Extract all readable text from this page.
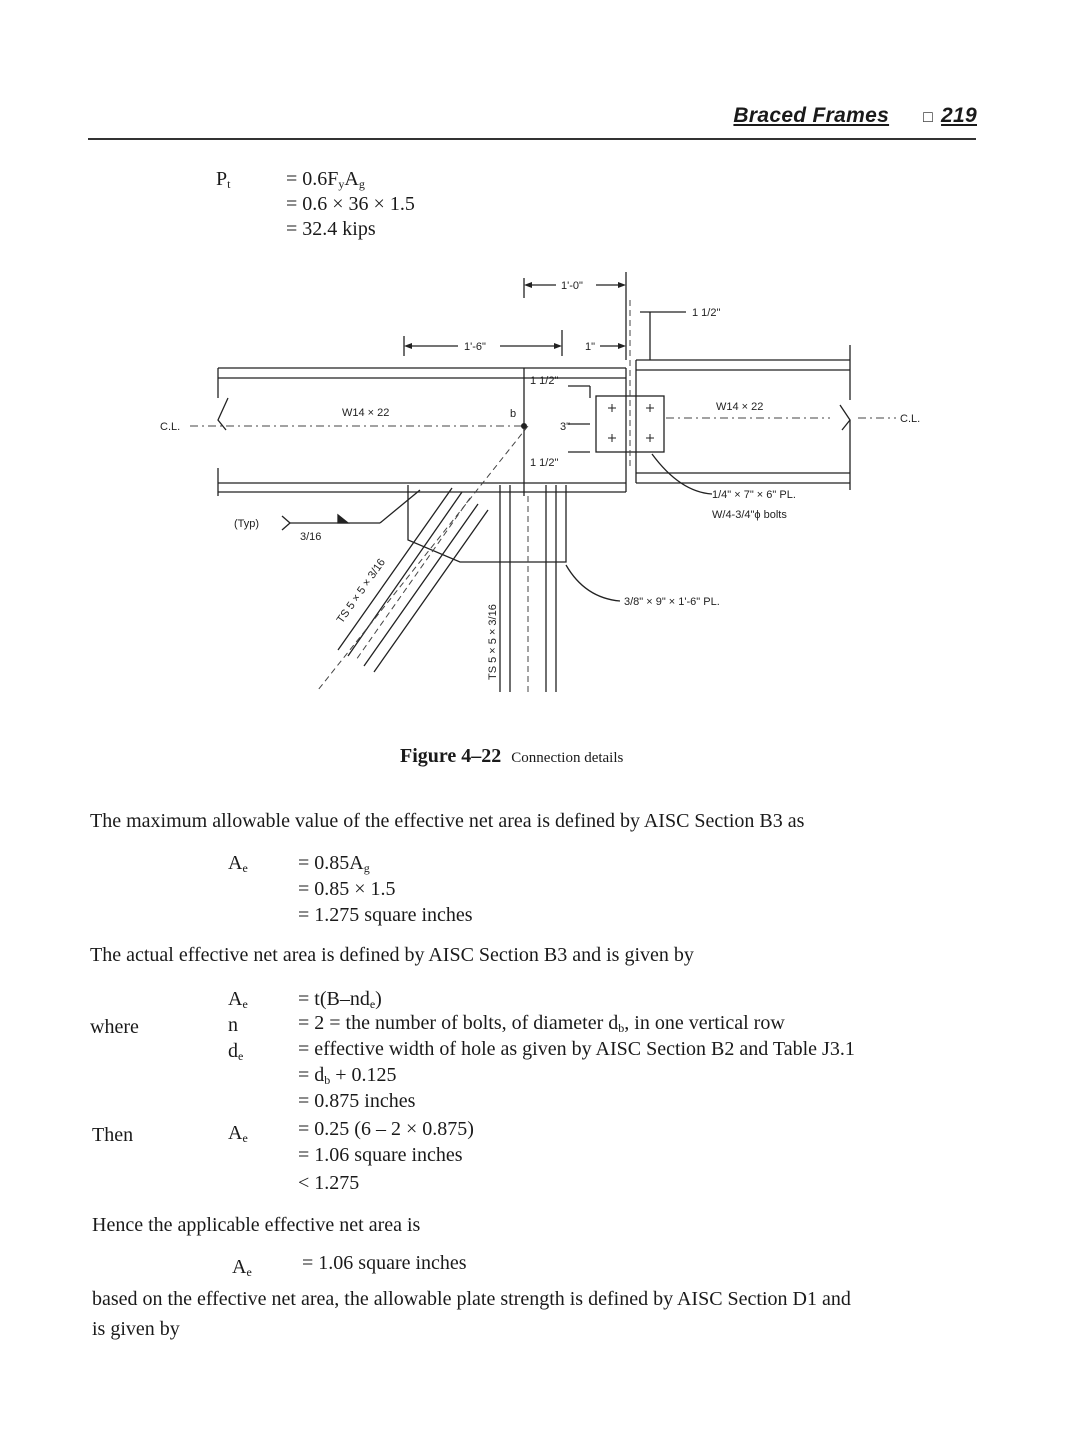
Braced Frames □ 219
$P_t$	= $0.6F_yA_g$
= 0.6 × 36 × 1.5
= 32.4 kips
1'-0"
1'-6"	1"
1 1/2"
1 1/2"
3"
1 1/2"
W14 × 22	W14 × 22
C.L.
C.L.
b
1/4" × 7" × 6" PL.
W/4-3/4"ϕ bolts
(Typ)
3/16
3/8" × 9" × 1'-6" PL.
TS 5 × 5 × 3/16
TS 5 × 5 × 3/16
Figure 4–22 Connection details
The maximum allowable value of the effective net area is defined by AISC Section B3 as
$A_e$	= $0.85A_g$
= 0.85 × 1.5
= 1.275 square inches
The actual effective net area is defined by AISC Section B3 and is given by
$A_e$	= $t(B-nd_e)$
where	n	= 2 = the number of bolts, of diameter $d_b$, in one vertical row
$d_e$	= effective width of hole as given by AISC Section B2 and Table J3.1
= $d_b + 0.125$
= 0.875 inches
Then	$A_e$	= 0.25 (6 – 2 × 0.875)
= 1.06 square inches
< 1.275
Hence the applicable effective net area is
$A_e$	= 1.06 square inches
based on the effective net area, the allowable plate strength is defined by AISC Section D1 and
is given by
